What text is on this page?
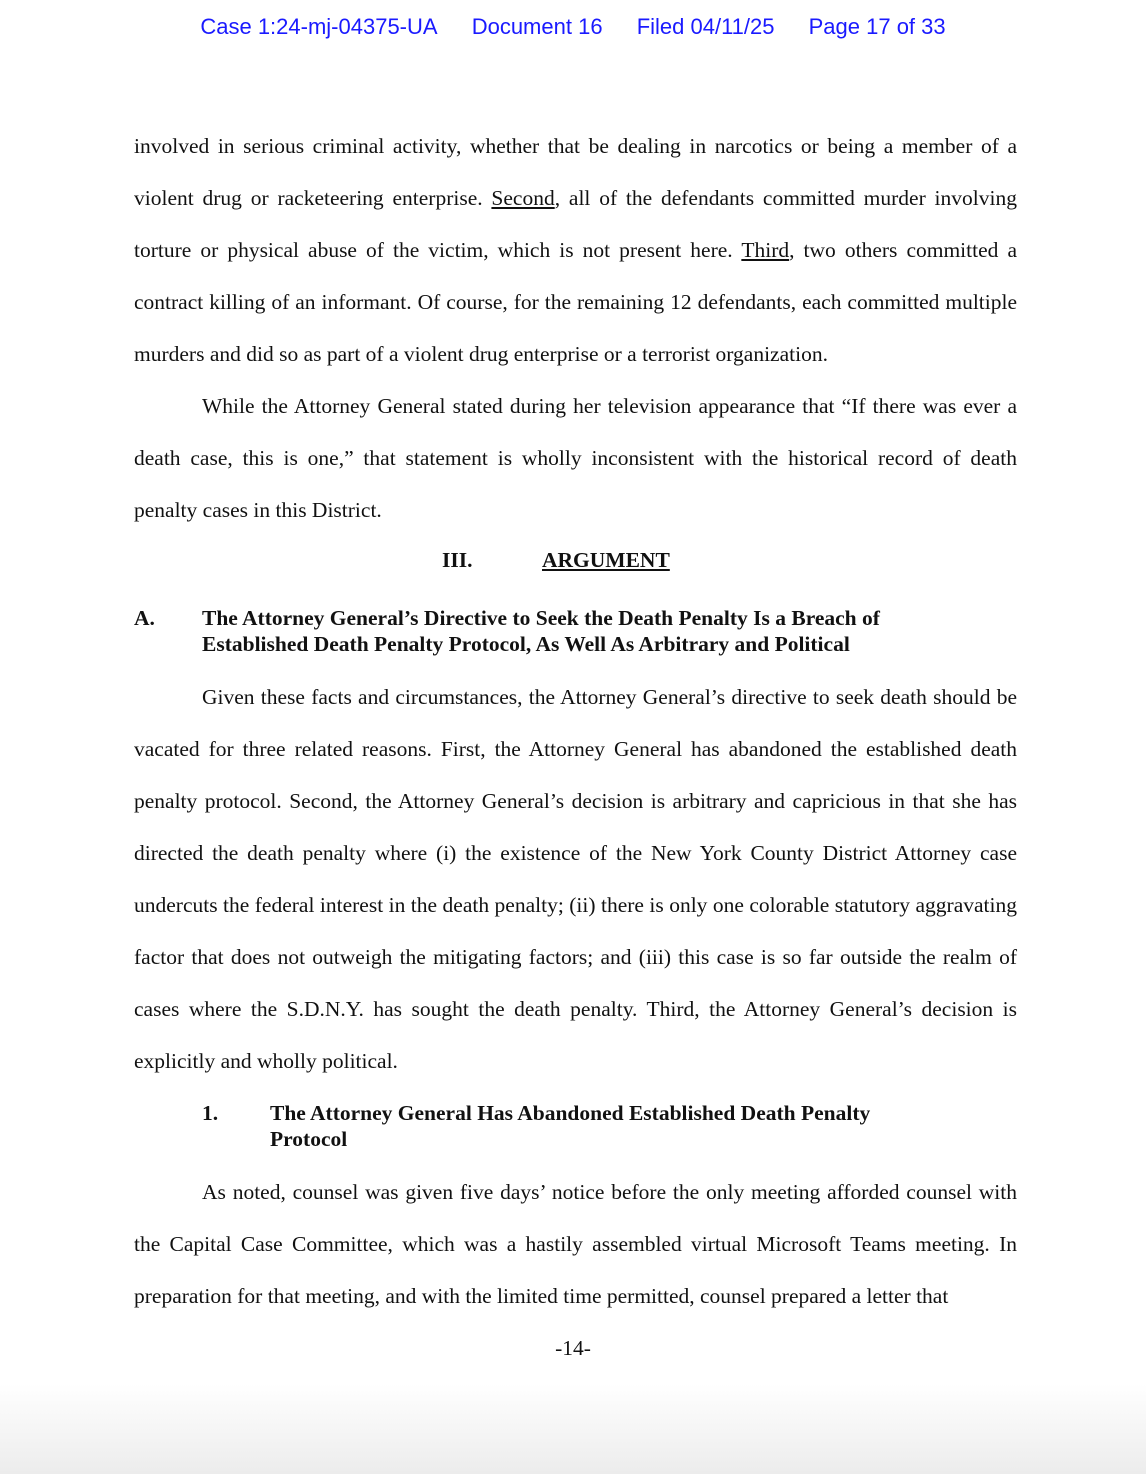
Case 1:24-mj-04375-UA Document 16 Filed 04/11/25 Page 17 of 33
involved in serious criminal activity, whether that be dealing in narcotics or being a member of a violent drug or racketeering enterprise. Second, all of the defendants committed murder involving torture or physical abuse of the victim, which is not present here. Third, two others committed a contract killing of an informant. Of course, for the remaining 12 defendants, each committed multiple murders and did so as part of a violent drug enterprise or a terrorist organization.
While the Attorney General stated during her television appearance that “If there was ever a death case, this is one,” that statement is wholly inconsistent with the historical record of death penalty cases in this District.
III.	ARGUMENT
A. The Attorney General’s Directive to Seek the Death Penalty Is a Breach of Established Death Penalty Protocol, As Well As Arbitrary and Political
Given these facts and circumstances, the Attorney General’s directive to seek death should be vacated for three related reasons. First, the Attorney General has abandoned the established death penalty protocol. Second, the Attorney General’s decision is arbitrary and capricious in that she has directed the death penalty where (i) the existence of the New York County District Attorney case undercuts the federal interest in the death penalty; (ii) there is only one colorable statutory aggravating factor that does not outweigh the mitigating factors; and (iii) this case is so far outside the realm of cases where the S.D.N.Y. has sought the death penalty. Third, the Attorney General’s decision is explicitly and wholly political.
1. The Attorney General Has Abandoned Established Death Penalty Protocol
As noted, counsel was given five days’ notice before the only meeting afforded counsel with the Capital Case Committee, which was a hastily assembled virtual Microsoft Teams meeting. In preparation for that meeting, and with the limited time permitted, counsel prepared a letter that
-14-
